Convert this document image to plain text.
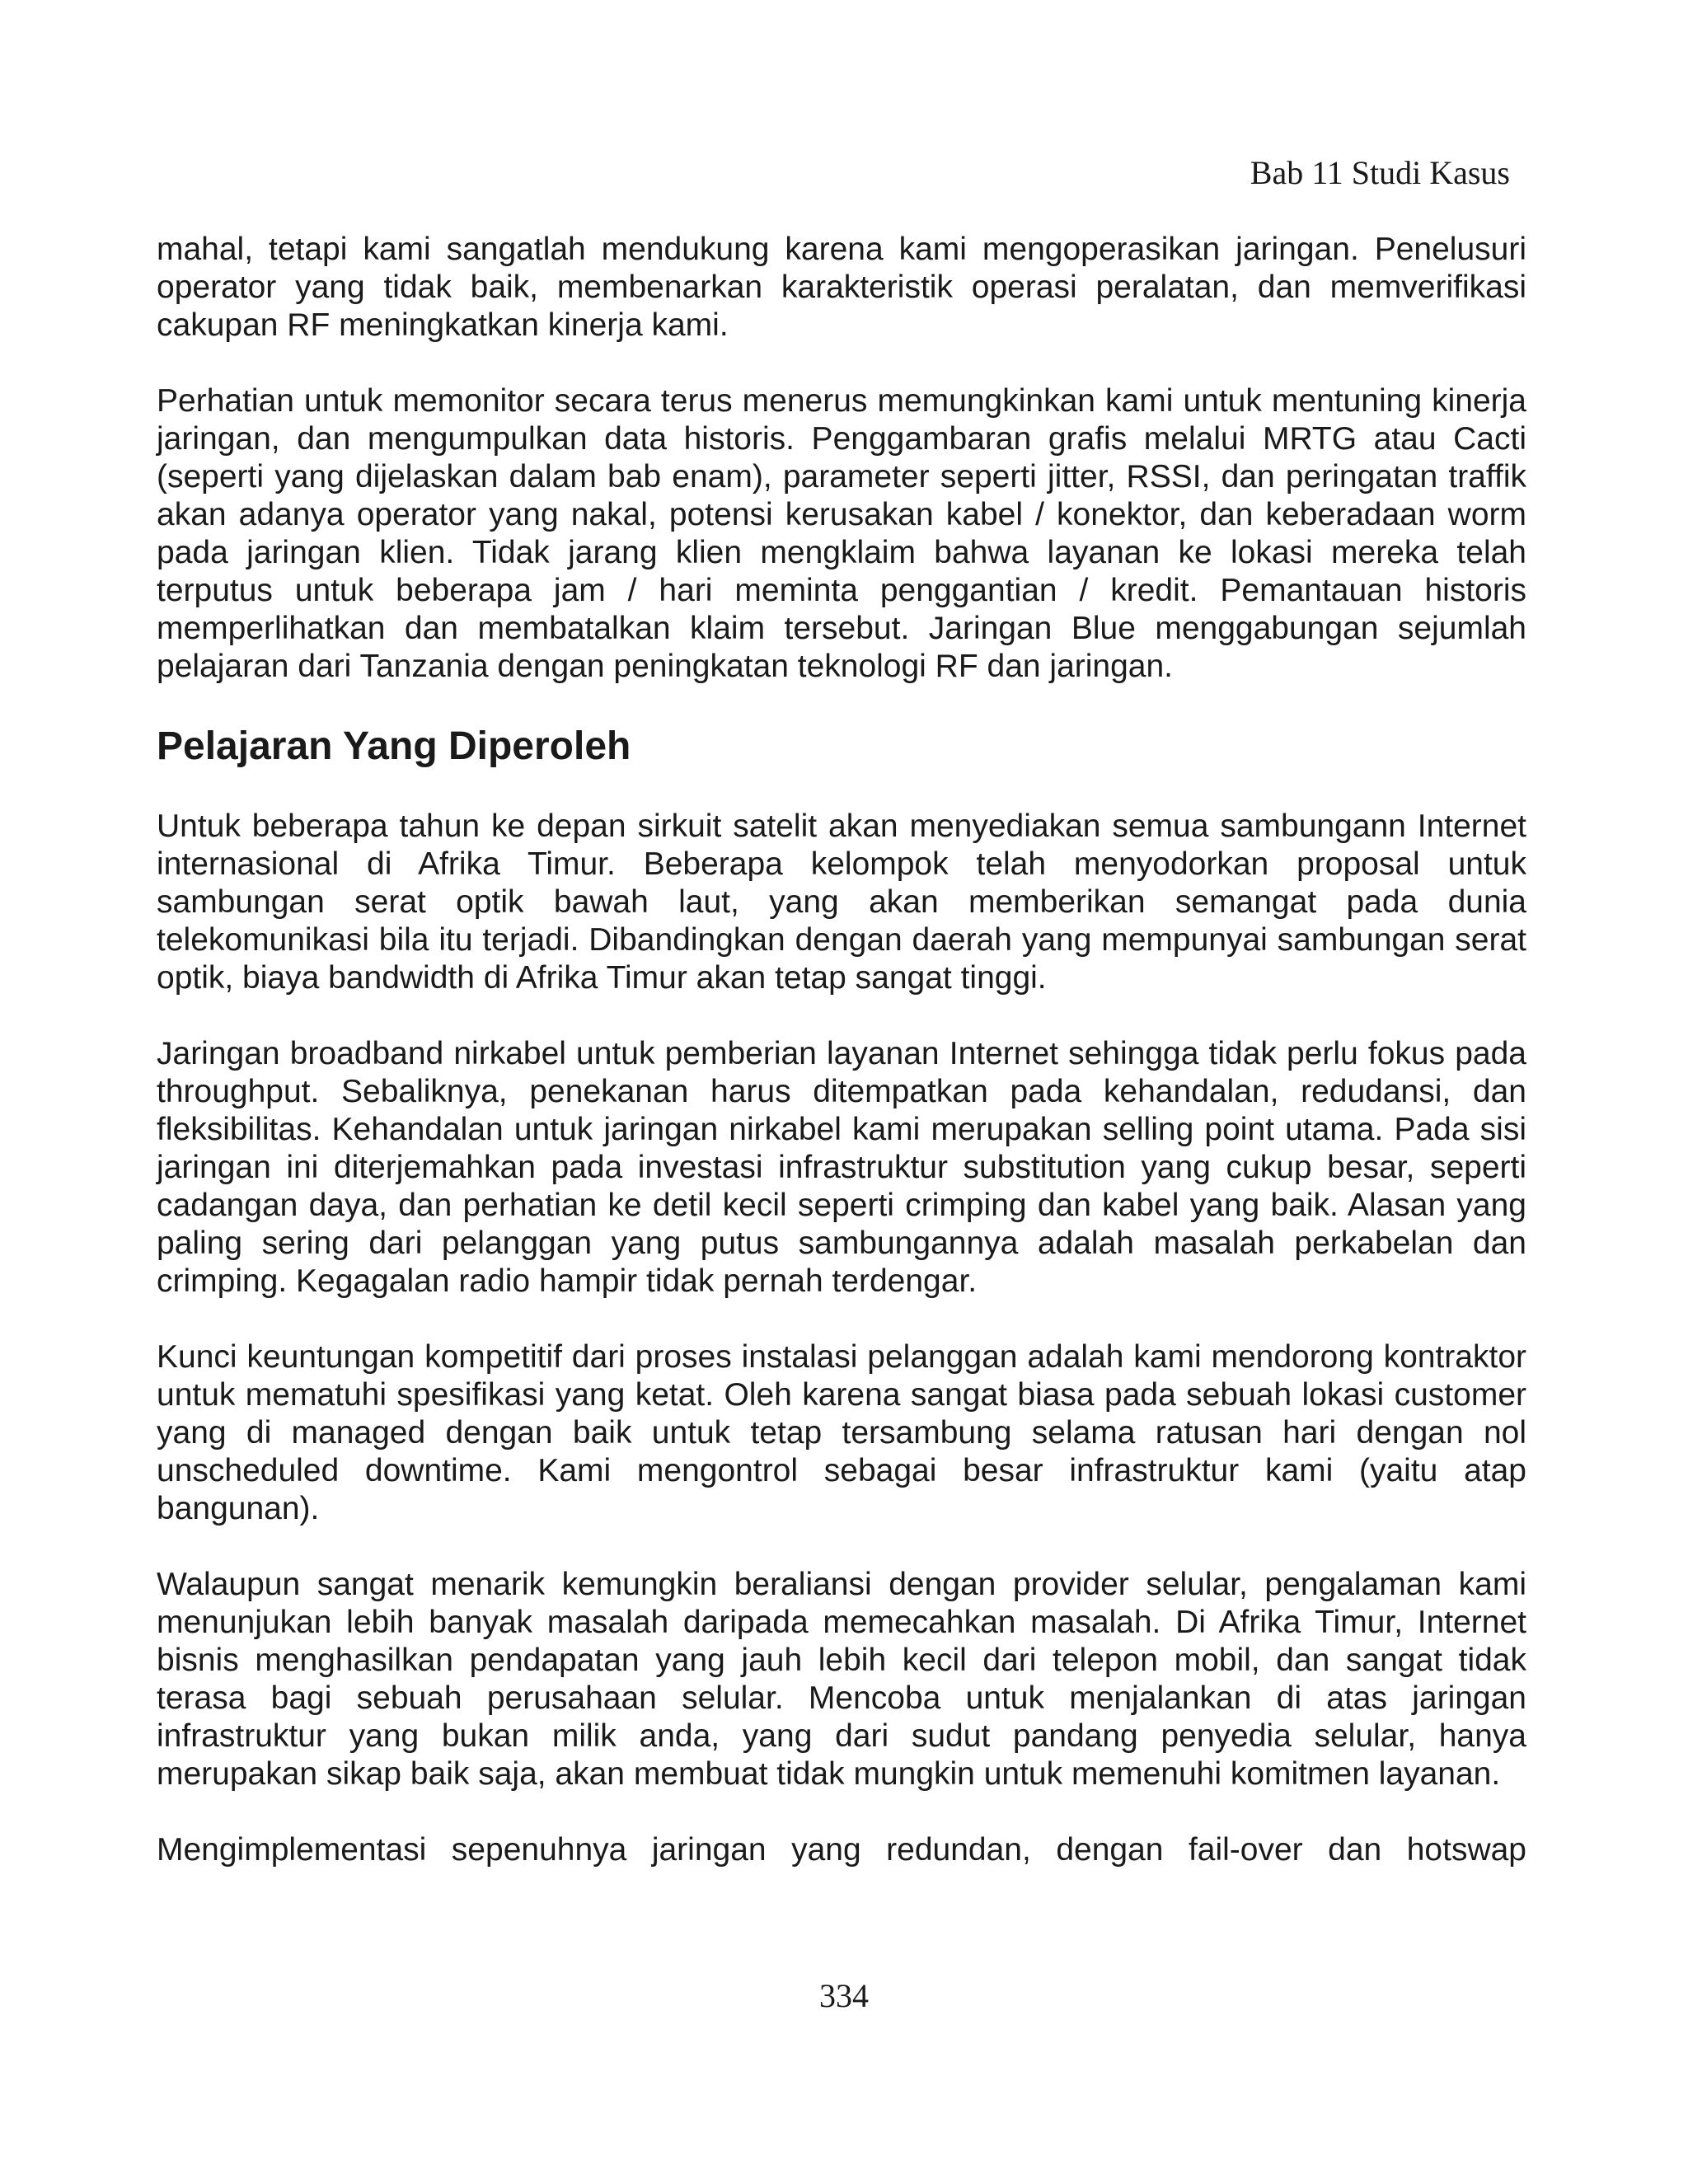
Bab 11 Studi Kasus

mahal, tetapi kami sangatlah mendukung karena kami mengoperasikan jaringan. Penelusuri operator yang tidak baik, membenarkan karakteristik operasi peralatan, dan memverifikasi cakupan RF meningkatkan kinerja kami.

Perhatian untuk memonitor secara terus menerus memungkinkan kami untuk mentuning kinerja jaringan, dan mengumpulkan data historis. Penggambaran grafis melalui MRTG atau Cacti (seperti yang dijelaskan dalam bab enam), parameter seperti jitter, RSSI, dan peringatan traffik akan adanya operator yang nakal, potensi kerusakan kabel / konektor, dan keberadaan worm pada jaringan klien. Tidak jarang klien mengklaim bahwa layanan ke lokasi mereka telah terputus untuk beberapa jam / hari meminta penggantian / kredit. Pemantauan historis memperlihatkan dan membatalkan klaim tersebut. Jaringan Blue menggabungan sejumlah pelajaran dari Tanzania dengan peningkatan teknologi RF dan jaringan.

Pelajaran Yang Diperoleh

Untuk beberapa tahun ke depan sirkuit satelit akan menyediakan semua sambungann Internet internasional di Afrika Timur. Beberapa kelompok telah menyodorkan proposal untuk sambungan serat optik bawah laut, yang akan memberikan semangat pada dunia telekomunikasi bila itu terjadi. Dibandingkan dengan daerah yang mempunyai sambungan serat optik, biaya bandwidth di Afrika Timur akan tetap sangat tinggi.

Jaringan broadband nirkabel untuk pemberian layanan Internet sehingga tidak perlu fokus pada throughput. Sebaliknya, penekanan harus ditempatkan pada kehandalan, redudansi, dan fleksibilitas. Kehandalan untuk jaringan nirkabel kami merupakan selling point utama. Pada sisi jaringan ini diterjemahkan pada investasi infrastruktur substitution yang cukup besar, seperti cadangan daya, dan perhatian ke detil kecil seperti crimping dan kabel yang baik. Alasan yang paling sering dari pelanggan yang putus sambungannya adalah masalah perkabelan dan crimping. Kegagalan radio hampir tidak pernah terdengar.

Kunci keuntungan kompetitif dari proses instalasi pelanggan adalah kami mendorong kontraktor untuk mematuhi spesifikasi yang ketat. Oleh karena sangat biasa pada sebuah lokasi customer yang di managed dengan baik untuk tetap tersambung selama ratusan hari dengan nol unscheduled downtime. Kami mengontrol sebagai besar infrastruktur kami (yaitu atap bangunan).

Walaupun sangat menarik kemungkin beraliansi dengan provider selular, pengalaman kami menunjukan lebih banyak masalah daripada memecahkan masalah. Di Afrika Timur, Internet bisnis menghasilkan pendapatan yang jauh lebih kecil dari telepon mobil, dan sangat tidak terasa bagi sebuah perusahaan selular. Mencoba untuk menjalankan di atas jaringan infrastruktur yang bukan milik anda, yang dari sudut pandang penyedia selular, hanya merupakan sikap baik saja, akan membuat tidak mungkin untuk memenuhi komitmen layanan.

Mengimplementasi sepenuhnya jaringan yang redundan, dengan fail-over dan hotswap

334
